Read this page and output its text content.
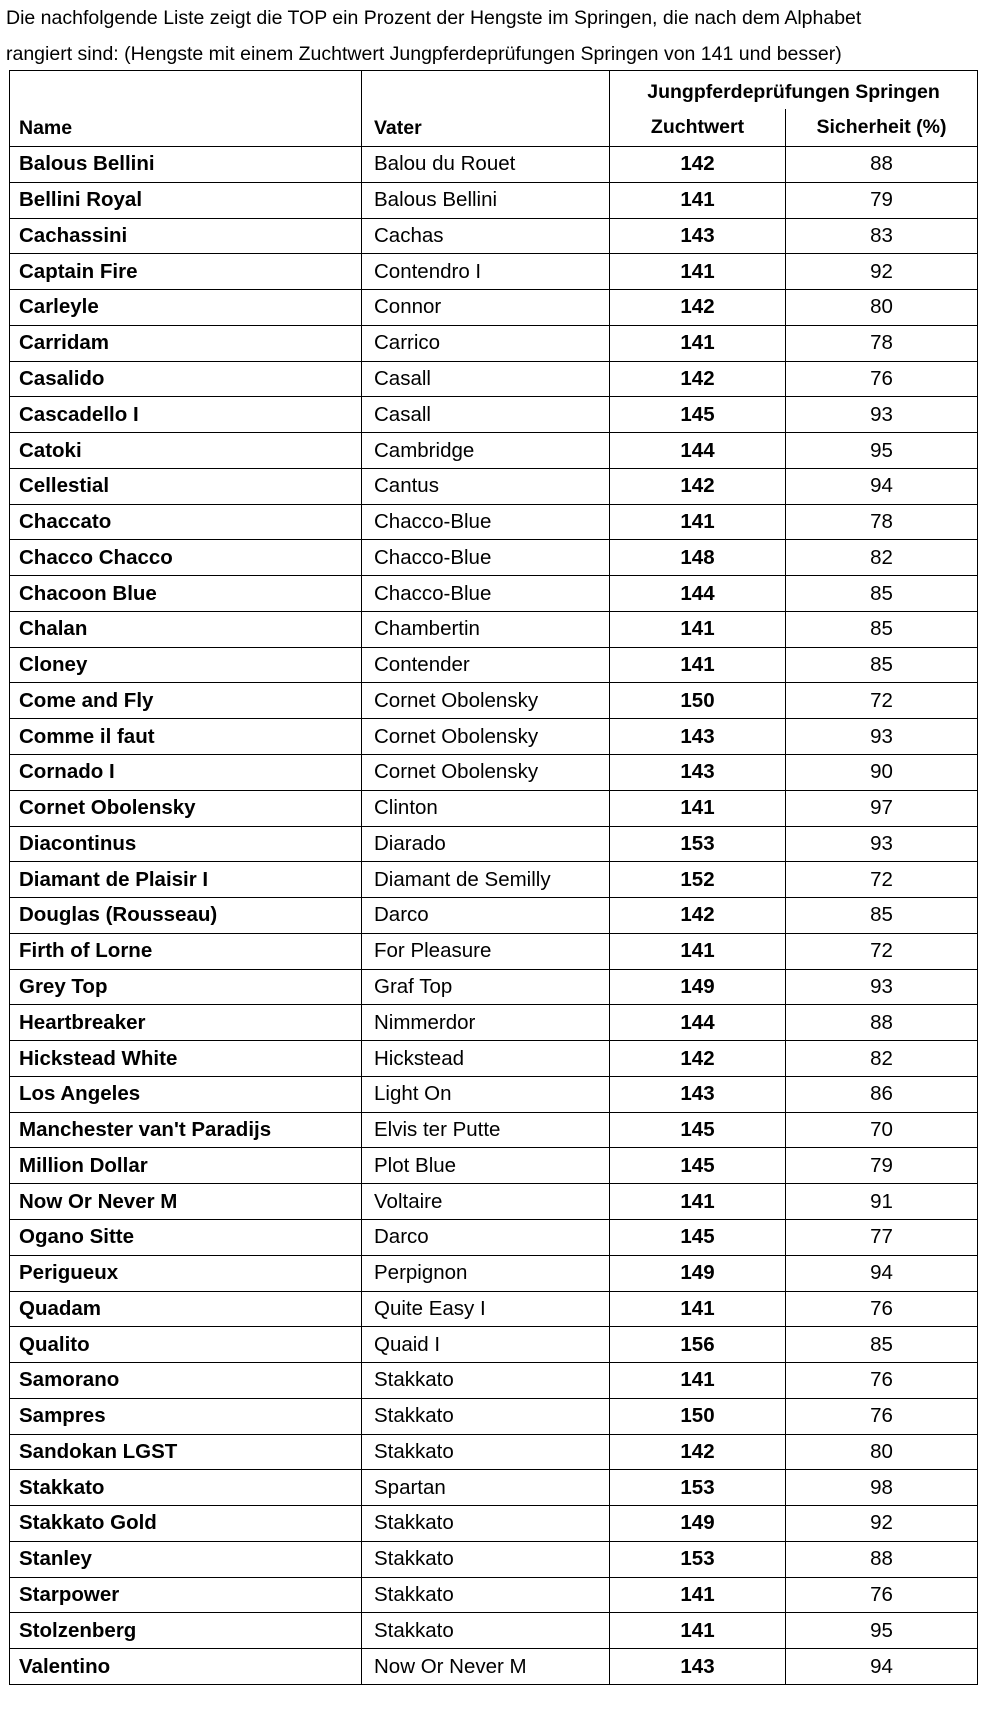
Die nachfolgende Liste zeigt die TOP ein Prozent der Hengste im Springen, die nach dem Alphabet
rangiert sind: (Hengste mit einem Zuchtwert Jungpferdeprüfungen Springen von 141 und besser)
Name	Vater	Jungpferdeprüfungen Springen	
		Zuchtwert	Sicherheit (%)
Balous Bellini	Balou du Rouet	142	88
Bellini Royal	Balous Bellini	141	79
Cachassini	Cachas	143	83
Captain Fire	Contendro I	141	92
Carleyle	Connor	142	80
Carridam	Carrico	141	78
Casalido	Casall	142	76
Cascadello I	Casall	145	93
Catoki	Cambridge	144	95
Cellestial	Cantus	142	94
Chaccato	Chacco-Blue	141	78
Chacco Chacco	Chacco-Blue	148	82
Chacoon Blue	Chacco-Blue	144	85
Chalan	Chambertin	141	85
Cloney	Contender	141	85
Come and Fly	Cornet Obolensky	150	72
Comme il faut	Cornet Obolensky	143	93
Cornado I	Cornet Obolensky	143	90
Cornet Obolensky	Clinton	141	97
Diacontinus	Diarado	153	93
Diamant de Plaisir I	Diamant de Semilly	152	72
Douglas (Rousseau)	Darco	142	85
Firth of Lorne	For Pleasure	141	72
Grey Top	Graf Top	149	93
Heartbreaker	Nimmerdor	144	88
Hickstead White	Hickstead	142	82
Los Angeles	Light On	143	86
Manchester van't Paradijs	Elvis ter Putte	145	70
Million Dollar	Plot Blue	145	79
Now Or Never M	Voltaire	141	91
Ogano Sitte	Darco	145	77
Perigueux	Perpignon	149	94
Quadam	Quite Easy I	141	76
Qualito	Quaid I	156	85
Samorano	Stakkato	141	76
Sampres	Stakkato	150	76
Sandokan LGST	Stakkato	142	80
Stakkato	Spartan	153	98
Stakkato Gold	Stakkato	149	92
Stanley	Stakkato	153	88
Starpower	Stakkato	141	76
Stolzenberg	Stakkato	141	95
Valentino	Now Or Never M	143	94
